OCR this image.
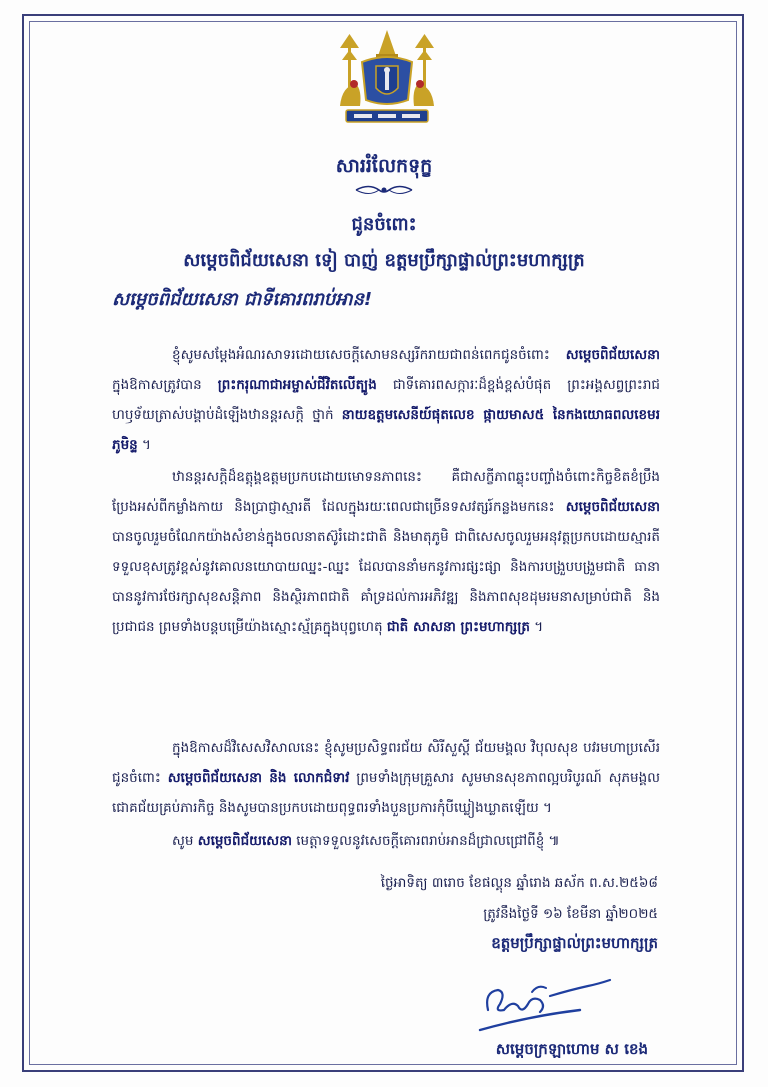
សាររំលែកទុក្ខ
ជូនចំពោះ
សម្តេចពិជ័យសេនា ទៀ បាញ់ ឧត្តមប្រឹក្សាផ្ទាល់ព្រះមហាក្សត្រ
សម្តេចពិជ័យសេនា ជាទីគោរពរាប់អាន!

ខ្ញុំសូមសម្តែងអំណរសាទរដោយសេចក្តីសោមនស្សរីករាយជាពន់ពេកជូនចំពោះ សម្តេចពិជ័យសេនា ក្នុងឱកាសត្រូវបាន ព្រះករុណាជាអម្ចាស់ជីវិតលើត្បូង ជាទីគោរពសក្ការៈដ៏ខ្ពង់ខ្ពស់បំផុត ព្រះអង្គសព្វព្រះរាជហឫទ័យត្រាស់បង្គាប់ដំឡើងឋានន្តរសក្តិ ថ្នាក់ នាយឧត្តមសេនីយ៍ផុតលេខ ផ្កាយមាស៥ នៃកងយោធពលខេមរភូមិន្ទ ។

ឋានន្តរសក្តិដ៏ឧត្តុង្គឧត្តមប្រកបដោយមោទនភាពនេះ គឺជាសក្ខីភាពឆ្លុះបញ្ចាំងចំពោះកិច្ចខិតខំប្រឹងប្រែងអស់ពីកម្លាំងកាយ និងប្រាជ្ញាស្មារតី ដែលក្នុងរយៈពេលជាច្រើនទសវត្សរ៍កន្លងមកនេះ សម្តេចពិជ័យសេនា បានចូលរួមចំណែកយ៉ាងសំខាន់ក្នុងចលនាតស៊ូរំដោះជាតិ និងមាតុភូមិ ជាពិសេសចូលរួមអនុវត្តប្រកបដោយស្មារតីទទួលខុសត្រូវខ្ពស់នូវគោលនយោបាយឈ្នះ-ឈ្នះ ដែលបាននាំមកនូវការផ្សះផ្សា និងការបង្រួបបង្រួមជាតិ ធានាបាននូវការថែរក្សាសុខសន្តិភាព និងស្ថិរភាពជាតិ គាំទ្រដល់ការអភិវឌ្ឍ និងភាពសុខដុមរមនាសម្រាប់ជាតិ និងប្រជាជន ព្រមទាំងបន្តបម្រើយ៉ាងស្មោះស្ម័គ្រក្នុងបុព្វហេតុ ជាតិ សាសនា ព្រះមហាក្សត្រ ។

ក្នុងឱកាសដ៏វិសេសវិសាលនេះ ខ្ញុំសូមប្រសិទ្ធពរជ័យ សិរីសួស្តី ជ័យមង្គល វិបុលសុខ បវរមហាប្រសើរ ជូនចំពោះ សម្តេចពិជ័យសេនា និង លោកជំទាវ ព្រមទាំងក្រុមគ្រួសារ សូមមានសុខភាពល្អបរិបូរណ៍ សុភមង្គល ជោគជ័យគ្រប់ភារកិច្ច និងសូមបានប្រកបដោយពុទ្ធពរទាំងបួនប្រការកុំបីឃ្លៀងឃ្លាតឡើយ ។

សូម សម្តេចពិជ័យសេនា មេត្តាទទួលនូវសេចក្តីគោរពរាប់អានដ៏ជ្រាលជ្រៅពីខ្ញុំ ៕

ថ្ងៃអាទិត្យ ៣រោច ខែផល្គុន ឆ្នាំរោង ឆស័ក ព.ស.២៥៦៨
ត្រូវនឹងថ្ងៃទី ១៦ ខែមីនា ឆ្នាំ២០២៥
ឧត្តមប្រឹក្សាផ្ទាល់ព្រះមហាក្សត្រ
សម្តេចក្រឡាហោម ស ខេង
